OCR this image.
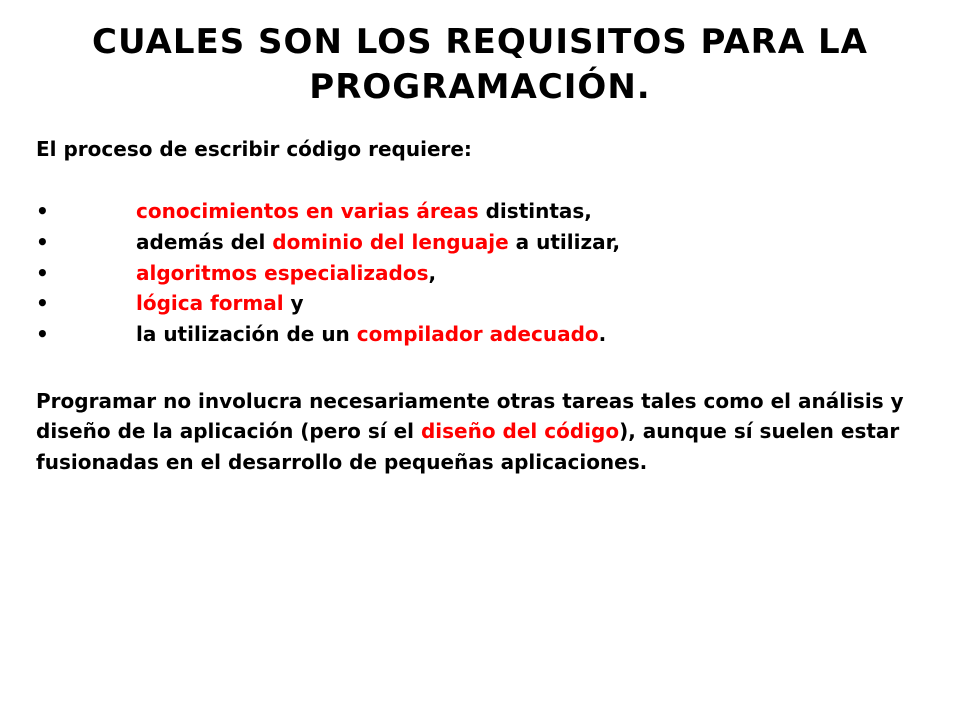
CUALES SON LOS REQUISITOS PARA LA
PROGRAMACIÓN.

El proceso de escribir código requiere:

•	conocimientos en varias áreas distintas,
•	además del dominio del lenguaje a utilizar,
•	algoritmos especializados,
•	lógica formal y
•	la utilización de un compilador adecuado.

Programar no involucra necesariamente otras tareas tales como el análisis y diseño de la aplicación (pero sí el diseño del código), aunque sí suelen estar fusionadas en el desarrollo de pequeñas aplicaciones.
